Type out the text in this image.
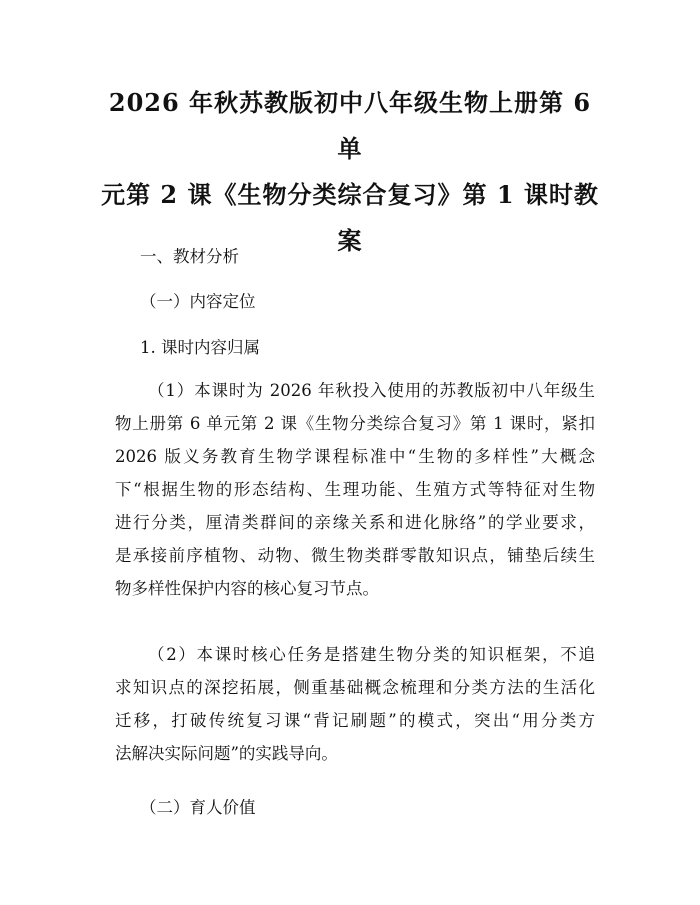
2026 年秋苏教版初中八年级生物上册第 6 单
元第 2 课《生物分类综合复习》第 1 课时教
案
一、教材分析
（一）内容定位
1. 课时内容归属
（1）本课时为 2026 年秋投入使用的苏教版初中八年级生
物上册第 6 单元第 2 课《生物分类综合复习》第 1 课时，紧扣
2026 版义务教育生物学课程标准中“生物的多样性”大概念
下“根据生物的形态结构、生理功能、生殖方式等特征对生物
进行分类，厘清类群间的亲缘关系和进化脉络”的学业要求，
是承接前序植物、动物、微生物类群零散知识点，铺垫后续生
物多样性保护内容的核心复习节点。
（2）本课时核心任务是搭建生物分类的知识框架，不追
求知识点的深挖拓展，侧重基础概念梳理和分类方法的生活化
迁移，打破传统复习课“背记刷题”的模式，突出“用分类方
法解决实际问题”的实践导向。
（二）育人价值
